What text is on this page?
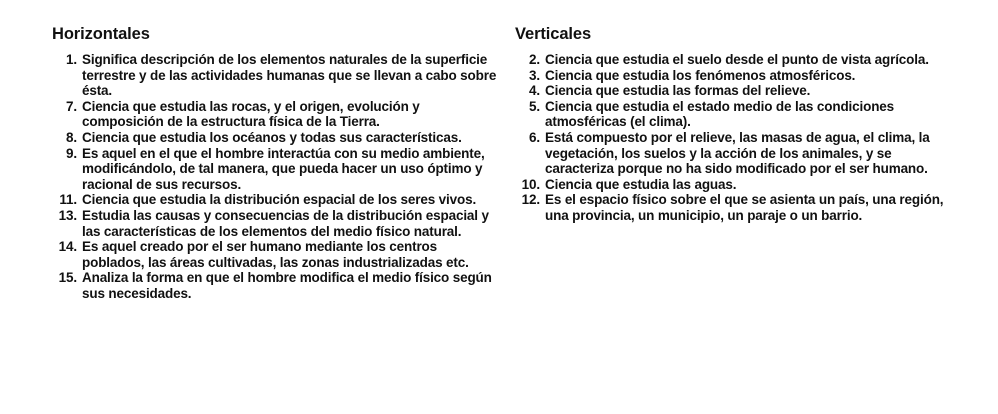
Horizontales
1. Significa descripción de los elementos naturales de la superficie terrestre y de las actividades humanas que se llevan a cabo sobre ésta.
7. Ciencia que estudia las rocas, y el origen, evolución y composición de la estructura física de la Tierra.
8. Ciencia que estudia los océanos y todas sus características.
9. Es aquel en el que el hombre interactúa con su medio ambiente, modificándolo, de tal manera, que pueda hacer un uso óptimo y racional de sus recursos.
11. Ciencia que estudia la distribución espacial de los seres vivos.
13. Estudia las causas y consecuencias de la distribución espacial y las características de los elementos del medio físico natural.
14. Es aquel creado por el ser humano mediante los centros poblados, las áreas cultivadas, las zonas industrializadas etc.
15. Analiza la forma en que el hombre modifica el medio físico según sus necesidades.
Verticales
2. Ciencia que estudia el suelo desde el punto de vista agrícola.
3. Ciencia que estudia los fenómenos atmosféricos.
4. Ciencia que estudia las formas del relieve.
5. Ciencia que estudia el estado medio de las condiciones atmosféricas (el clima).
6. Está compuesto por el relieve, las masas de agua, el clima, la vegetación, los suelos y la acción de los animales, y se caracteriza porque no ha sido modificado por el ser humano.
10. Ciencia que estudia las aguas.
12. Es el espacio físico sobre el que se asienta un país, una región, una provincia, un municipio, un paraje o un barrio.
